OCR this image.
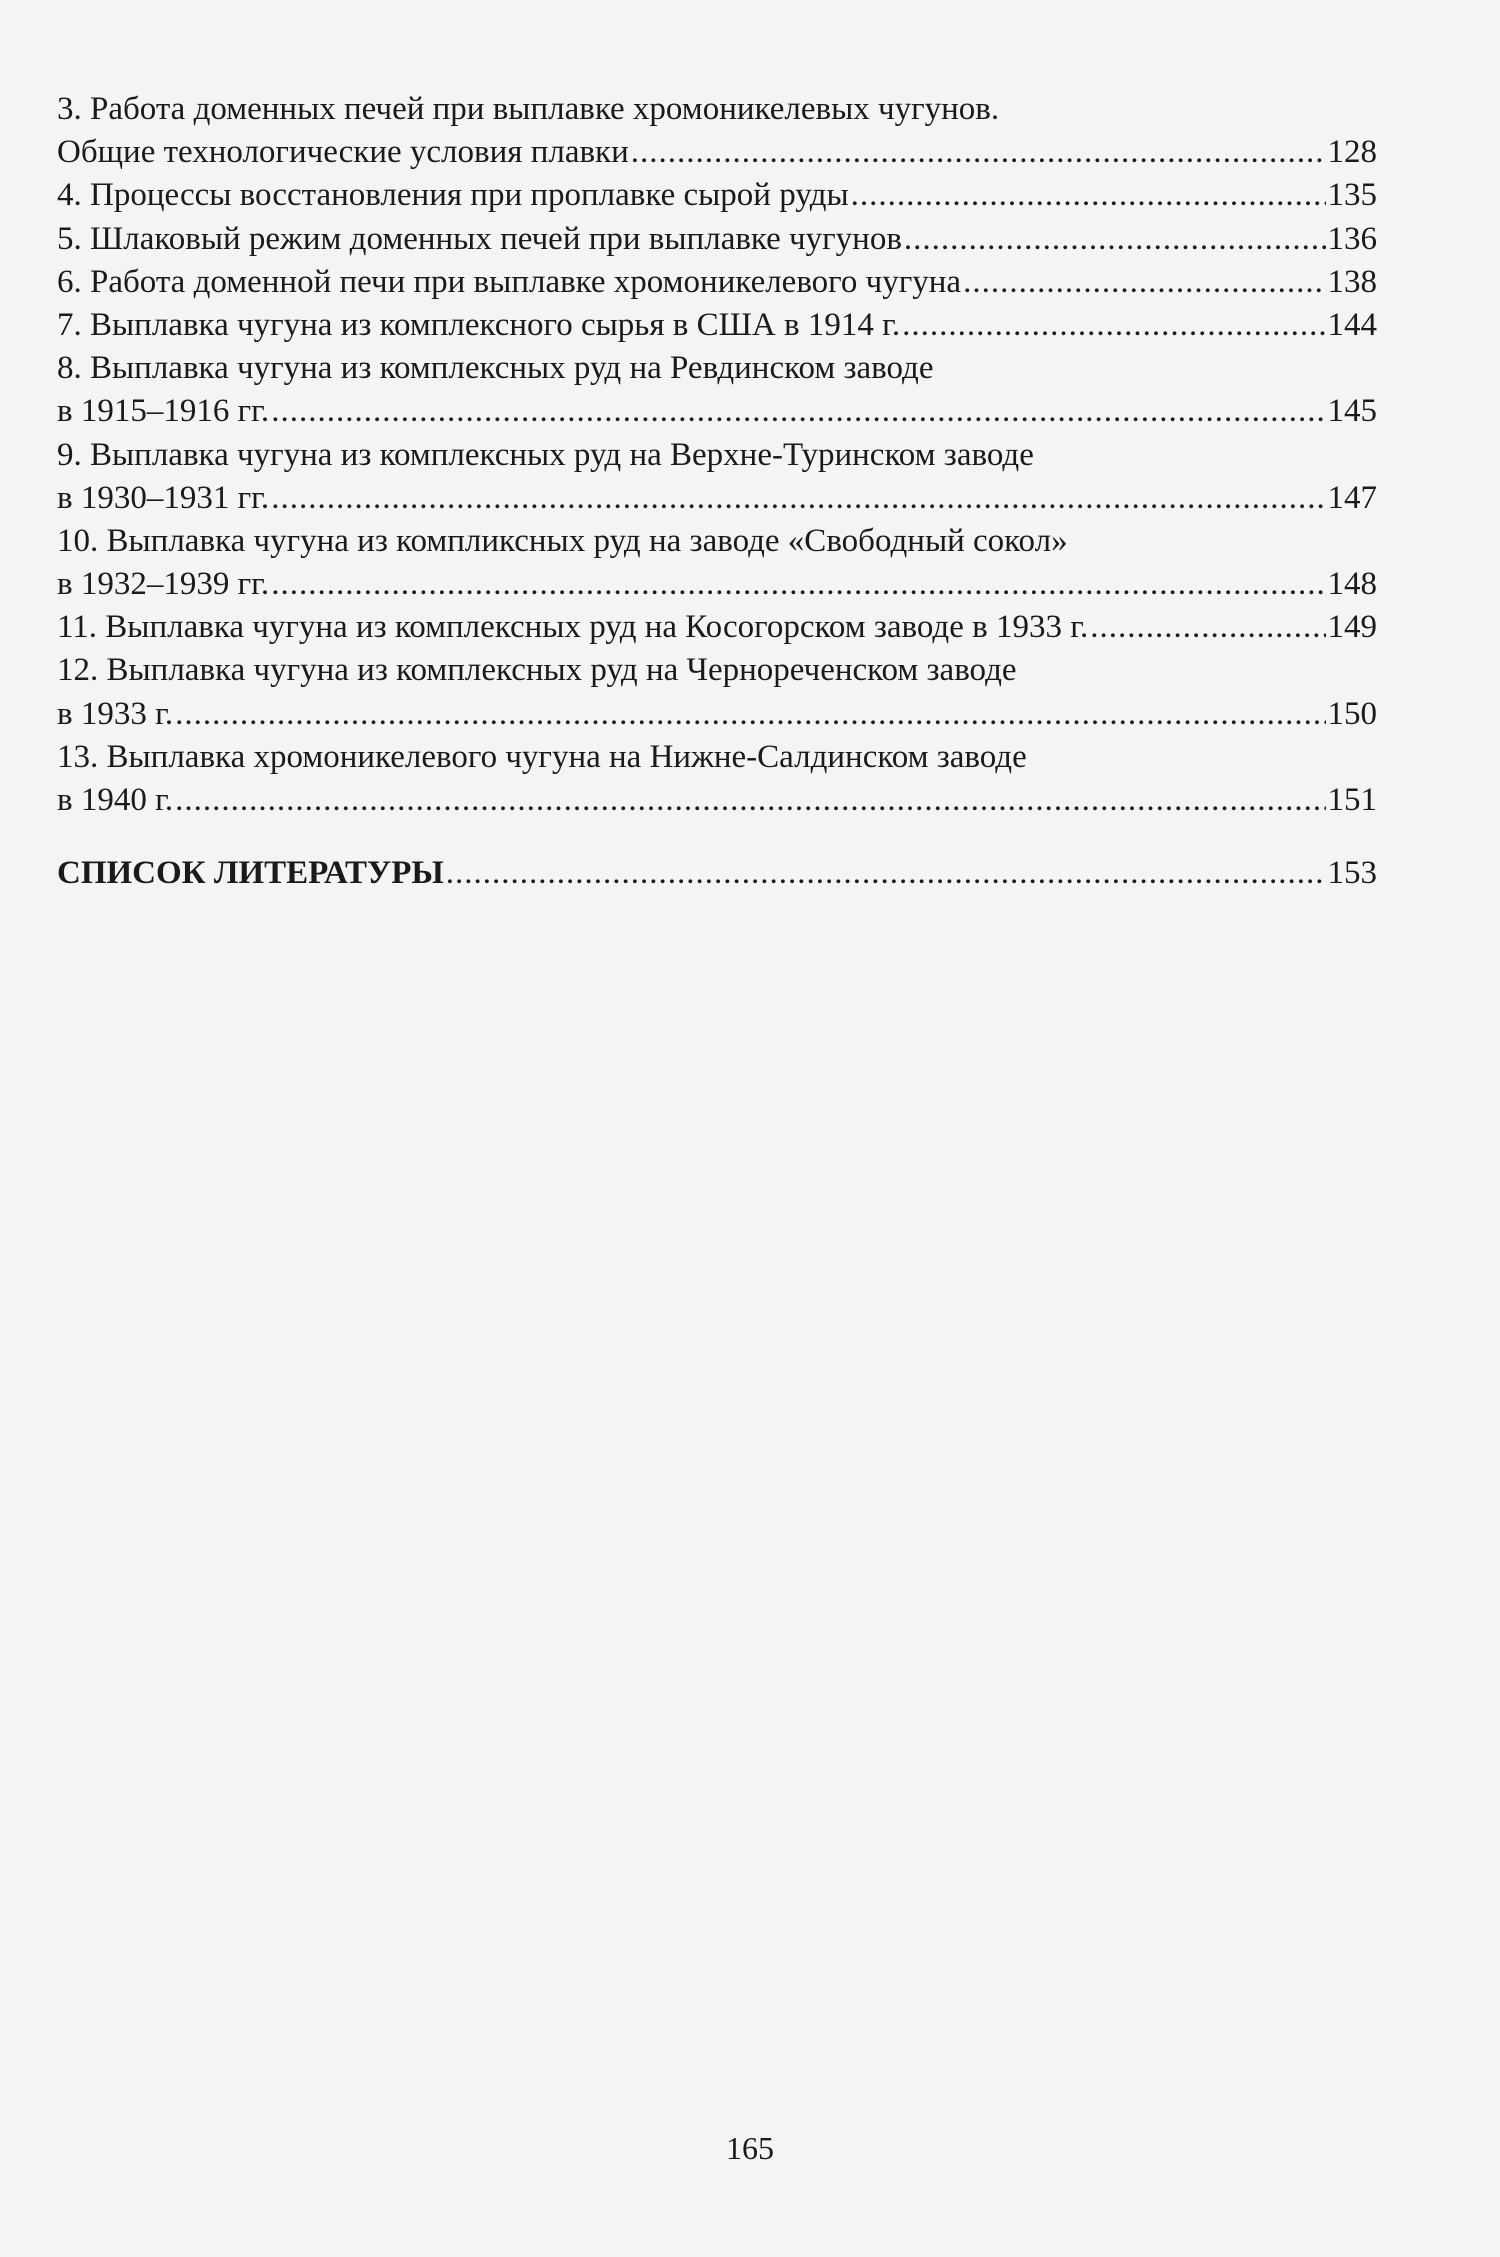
3. Работа доменных печей при выплавке хромоникелевых чугунов.
Общие технологические условия плавки .....	128
4. Процессы восстановления при проплавке сырой руды .....	135
5. Шлаковый режим доменных печей при выплавке чугунов .....	136
6. Работа доменной печи при выплавке хромоникелевого чугуна .....	138
7. Выплавка чугуна из комплексного сырья в США в 1914 г. .....	144
8. Выплавка чугуна из комплексных руд на Ревдинском заводе
в 1915–1916 гг. .....	145
9. Выплавка чугуна из комплексных руд на Верхне-Туринском заводе
в 1930–1931 гг. .....	147
10. Выплавка чугуна из компликсных руд на заводе «Свободный сокол»
в 1932–1939 гг. .....	148
11. Выплавка чугуна из комплексных руд на Косогорском заводе в 1933 г. .....	149
12. Выплавка чугуна из комплексных руд на Чернореченском заводе
в 1933 г. .....	150
13. Выплавка хромоникелевого чугуна на Нижне-Салдинском заводе
в 1940 г. .....	151
СПИСОК ЛИТЕРАТУРЫ .....	153
165
